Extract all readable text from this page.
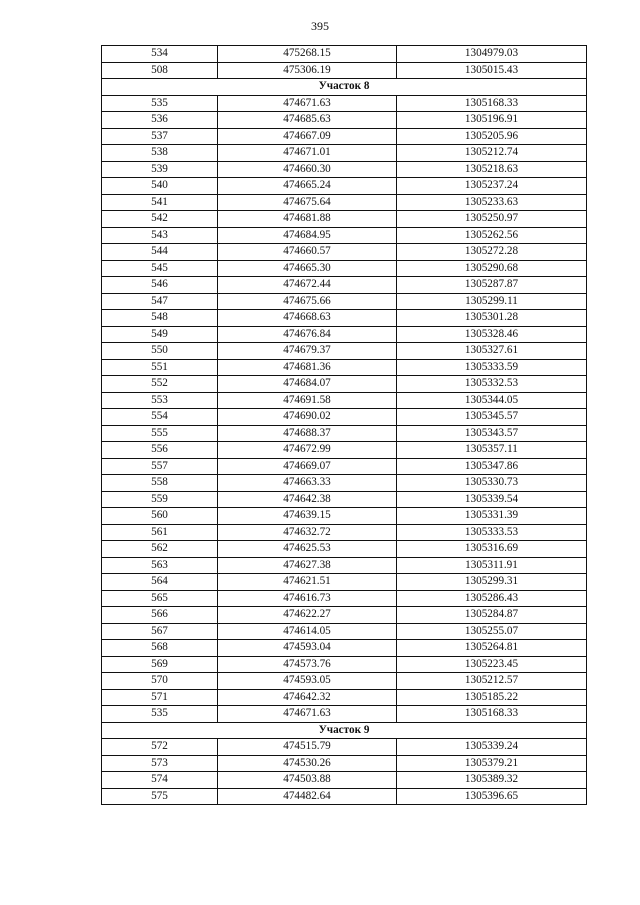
395
534	475268.15	1304979.03
508	475306.19	1305015.43
Участок 8		
535	474671.63	1305168.33
536	474685.63	1305196.91
537	474667.09	1305205.96
538	474671.01	1305212.74
539	474660.30	1305218.63
540	474665.24	1305237.24
541	474675.64	1305233.63
542	474681.88	1305250.97
543	474684.95	1305262.56
544	474660.57	1305272.28
545	474665.30	1305290.68
546	474672.44	1305287.87
547	474675.66	1305299.11
548	474668.63	1305301.28
549	474676.84	1305328.46
550	474679.37	1305327.61
551	474681.36	1305333.59
552	474684.07	1305332.53
553	474691.58	1305344.05
554	474690.02	1305345.57
555	474688.37	1305343.57
556	474672.99	1305357.11
557	474669.07	1305347.86
558	474663.33	1305330.73
559	474642.38	1305339.54
560	474639.15	1305331.39
561	474632.72	1305333.53
562	474625.53	1305316.69
563	474627.38	1305311.91
564	474621.51	1305299.31
565	474616.73	1305286.43
566	474622.27	1305284.87
567	474614.05	1305255.07
568	474593.04	1305264.81
569	474573.76	1305223.45
570	474593.05	1305212.57
571	474642.32	1305185.22
535	474671.63	1305168.33
Участок 9		
572	474515.79	1305339.24
573	474530.26	1305379.21
574	474503.88	1305389.32
575	474482.64	1305396.65
